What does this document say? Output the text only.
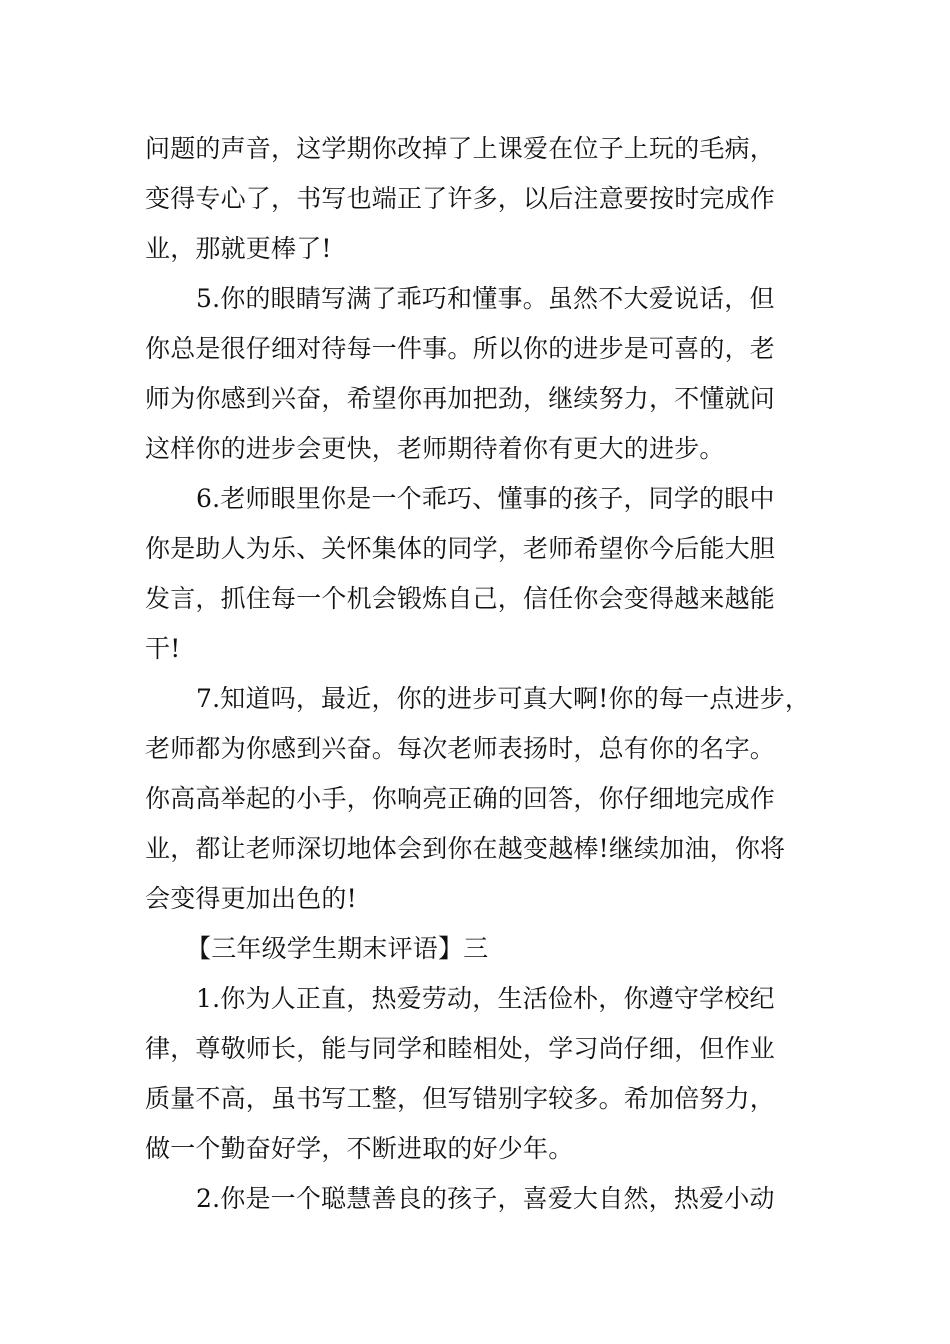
问题的声音，这学期你改掉了上课爱在位子上玩的毛病，
变得专心了，书写也端正了许多，以后注意要按时完成作
业，那就更棒了!
5.你的眼睛写满了乖巧和懂事。虽然不大爱说话，但
你总是很仔细对待每一件事。所以你的进步是可喜的，老
师为你感到兴奋，希望你再加把劲，继续努力，不懂就问
这样你的进步会更快，老师期待着你有更大的进步。
6.老师眼里你是一个乖巧、懂事的孩子，同学的眼中
你是助人为乐、关怀集体的同学，老师希望你今后能大胆
发言，抓住每一个机会锻炼自己，信任你会变得越来越能
干!
7.知道吗，最近，你的进步可真大啊!你的每一点进步，
老师都为你感到兴奋。每次老师表扬时，总有你的名字。
你高高举起的小手，你响亮正确的回答，你仔细地完成作
业，都让老师深切地体会到你在越变越棒!继续加油，你将
会变得更加出色的!
【三年级学生期末评语】三
1.你为人正直，热爱劳动，生活俭朴，你遵守学校纪
律，尊敬师长，能与同学和睦相处，学习尚仔细，但作业
质量不高，虽书写工整，但写错别字较多。希加倍努力，
做一个勤奋好学，不断进取的好少年。
2.你是一个聪慧善良的孩子，喜爱大自然，热爱小动
